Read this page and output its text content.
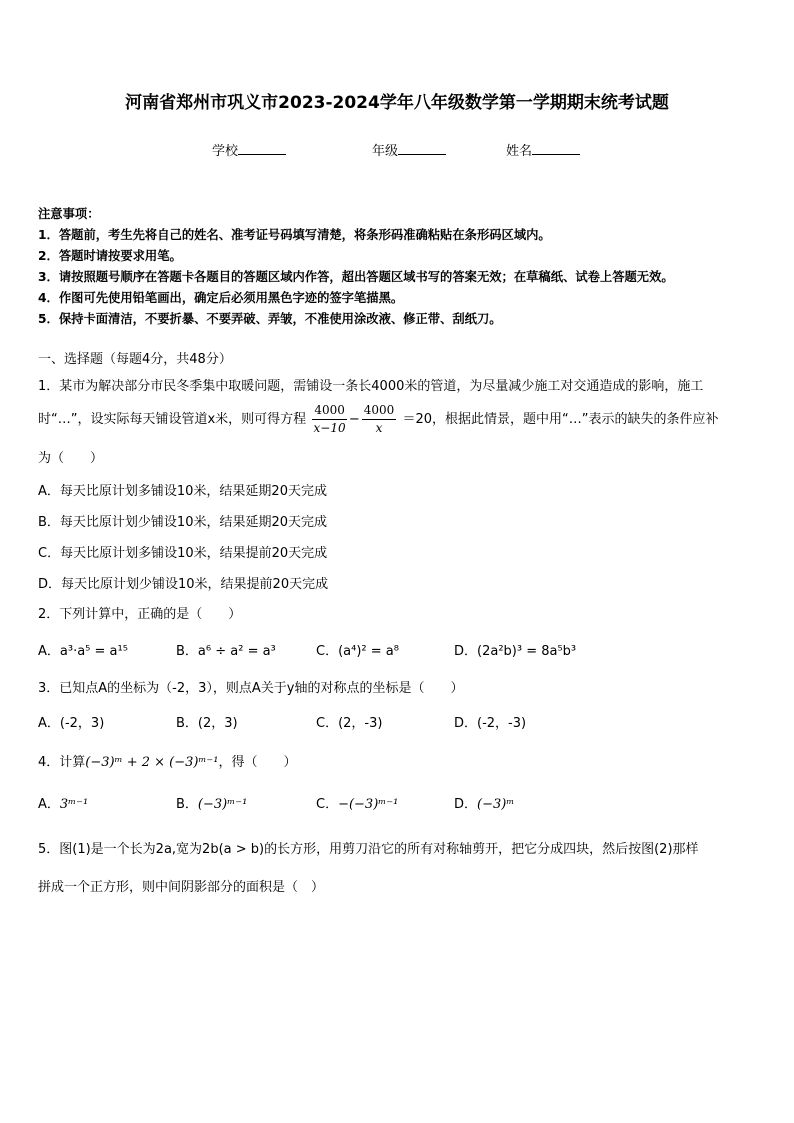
河南省郑州市巩义市2023-2024学年八年级数学第一学期期末统考试题
学校	年级	姓名
注意事项：
1．答题前，考生先将自己的姓名、准考证号码填写清楚，将条形码准确粘贴在条形码区域内。
2．答题时请按要求用笔。
3．请按照题号顺序在答题卡各题目的答题区域内作答，超出答题区域书写的答案无效；在草稿纸、试卷上答题无效。
4．作图可先使用铅笔画出，确定后必须用黑色字迹的签字笔描黑。
5．保持卡面清洁，不要折暴、不要弄破、弄皱，不准使用涂改液、修正带、刮纸刀。
一、选择题（每题4分，共48分）
1．某市为解决部分市民冬季集中取暖问题，需铺设一条长4000米的管道，为尽量减少施工对交通造成的影响，施工
时“…”，设实际每天铺设管道x米，则可得方程 $\frac{4000}{x-10} - \frac{4000}{x} =20$，根据此情景，题中用“…”表示的缺失的条件应补
为（　　）
A．每天比原计划多铺设10米，结果延期20天完成
B．每天比原计划少铺设10米，结果延期20天完成
C．每天比原计划多铺设10米，结果提前20天完成
D．每天比原计划少铺设10米，结果提前20天完成
2．下列计算中，正确的是（　　）
A．a³·a⁵ = a¹⁵	B．a⁶ ÷ a² = a³	C．(a⁴)² = a⁸	D．(2a²b)³ = 8a⁵b³
3．已知点A的坐标为（-2，3），则点A关于y轴的对称点的坐标是（　　）
A．(-2，3)	B．(2，3)	C．(2，-3)	D．(-2，-3)
4．计算(−3)ᵐ + 2 × (−3)ᵐ⁻¹，得（　　）
A．3ᵐ⁻¹	B．(−3)ᵐ⁻¹	C．−(−3)ᵐ⁻¹	D．(−3)ᵐ
5．图(1)是一个长为2a,宽为2b(a > b)的长方形，用剪刀沿它的所有对称轴剪开，把它分成四块，然后按图(2)那样
拼成一个正方形，则中间阴影部分的面积是（　）
